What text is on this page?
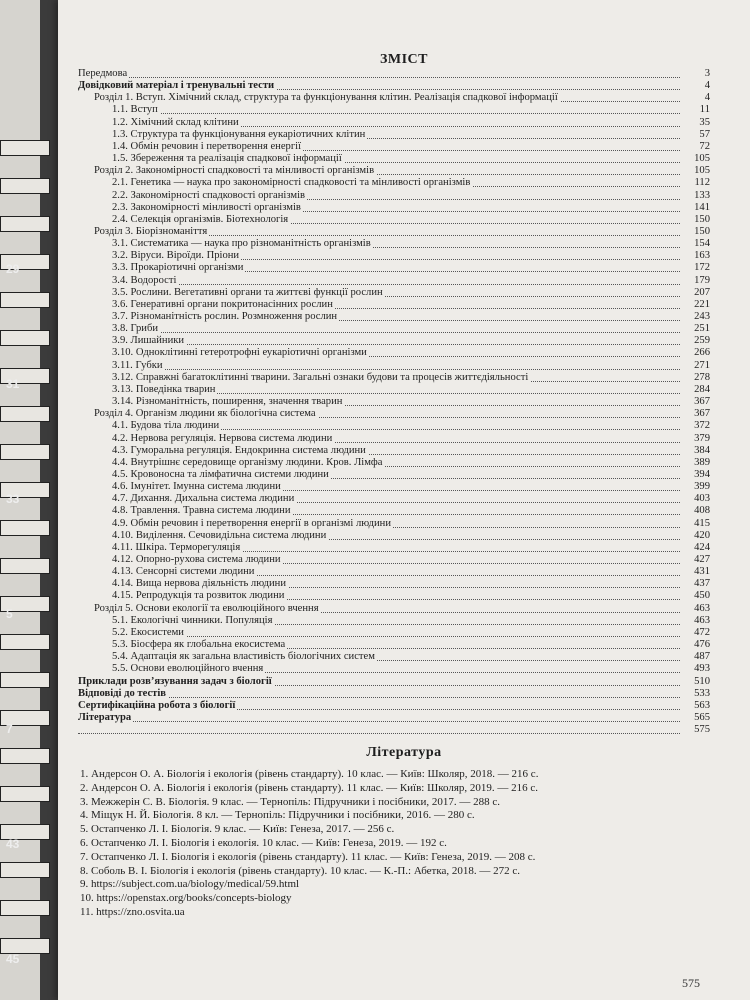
29
31
33
5
7
43
45
ЗМІСТ
Передмова	3
Довідковий матеріал і тренувальні тести	4
Розділ 1. Вступ. Хімічний склад, структура та функціонування клітин. Реалізація спадкової інформації	4
1.1. Вступ	11
1.2. Хімічний склад клітини	35
1.3. Структура та функціонування еукаріотичних клітин	57
1.4. Обмін речовин і перетворення енергії	72
1.5. Збереження та реалізація спадкової інформації	105
Розділ 2. Закономірності спадковості та мінливості організмів	105
2.1. Генетика — наука про закономірності спадковості та мінливості організмів	112
2.2. Закономірності спадковості організмів	133
2.3. Закономірності мінливості організмів	141
2.4. Селекція організмів. Біотехнологія	150
Розділ 3. Біорізноманіття	150
3.1. Систематика — наука про різноманітність організмів	154
3.2. Віруси. Віроїди. Пріони	163
3.3. Прокаріотичні організми	172
3.4. Водорості	179
3.5. Рослини. Вегетативні органи та життєві функції рослин	207
3.6. Генеративні органи покритонасінних рослин	221
3.7. Різноманітність рослин. Розмноження рослин	243
3.8. Гриби	251
3.9. Лишайники	259
3.10. Одноклітинні гетеротрофні еукаріотичні організми	266
3.11. Губки	271
3.12. Справжні багатоклітинні тварини. Загальні ознаки будови та процесів життєдіяльності	278
3.13. Поведінка тварин	284
3.14. Різноманітність, поширення, значення тварин	367
Розділ 4. Організм людини як біологічна система	367
4.1. Будова тіла людини	372
4.2. Нервова регуляція. Нервова система людини	379
4.3. Гуморальна регуляція. Ендокринна система людини	384
4.4. Внутрішнє середовище організму людини. Кров. Лімфа	389
4.5. Кровоносна та лімфатична системи людини	394
4.6. Імунітет. Імунна система людини	399
4.7. Дихання. Дихальна система людини	403
4.8. Травлення. Травна система людини	408
4.9. Обмін речовин і перетворення енергії в організмі людини	415
4.10. Виділення. Сечовидільна система людини	420
4.11. Шкіра. Терморегуляція	424
4.12. Опорно-рухова система людини	427
4.13. Сенсорні системи людини	431
4.14. Вища нервова діяльність людини	437
4.15. Репродукція та розвиток людини	450
Розділ 5. Основи екології та еволюційного вчення	463
5.1. Екологічні чинники. Популяція	463
5.2. Екосистеми	472
5.3. Біосфера як глобальна екосистема	476
5.4. Адаптація як загальна властивість біологічних систем	487
5.5. Основи еволюційного вчення	493
Приклади розв’язування задач з біології	510
Відповіді до тестів	533
Сертифікаційна робота з біології	563
Література	565
575
Література
1. Андерсон О. А. Біологія і екологія (рівень стандарту). 10 клас. — Київ: Школяр, 2018. — 216 с.
2. Андерсон О. А. Біологія і екологія (рівень стандарту). 11 клас. — Київ: Школяр, 2019. — 216 с.
3. Межжерін С. В. Біологія. 9 клас. — Тернопіль: Підручники і посібники, 2017. — 288 с.
4. Міщук Н. Й. Біологія. 8 кл. — Тернопіль: Підручники і посібники, 2016. — 280 с.
5. Остапченко Л. І. Біологія. 9 клас. — Київ: Генеза, 2017. — 256 с.
6. Остапченко Л. І. Біологія і екологія. 10 клас. — Київ: Генеза, 2019. — 192 с.
7. Остапченко Л. І. Біологія і екологія (рівень стандарту). 11 клас. — Київ: Генеза, 2019. — 208 с.
8. Соболь В. І. Біологія і екологія (рівень стандарту). 10 клас. — К.-П.: Абетка, 2018. — 272 с.
9. https://subject.com.ua/biology/medical/59.html
10. https://openstax.org/books/concepts-biology
11. https://zno.osvita.ua
575
